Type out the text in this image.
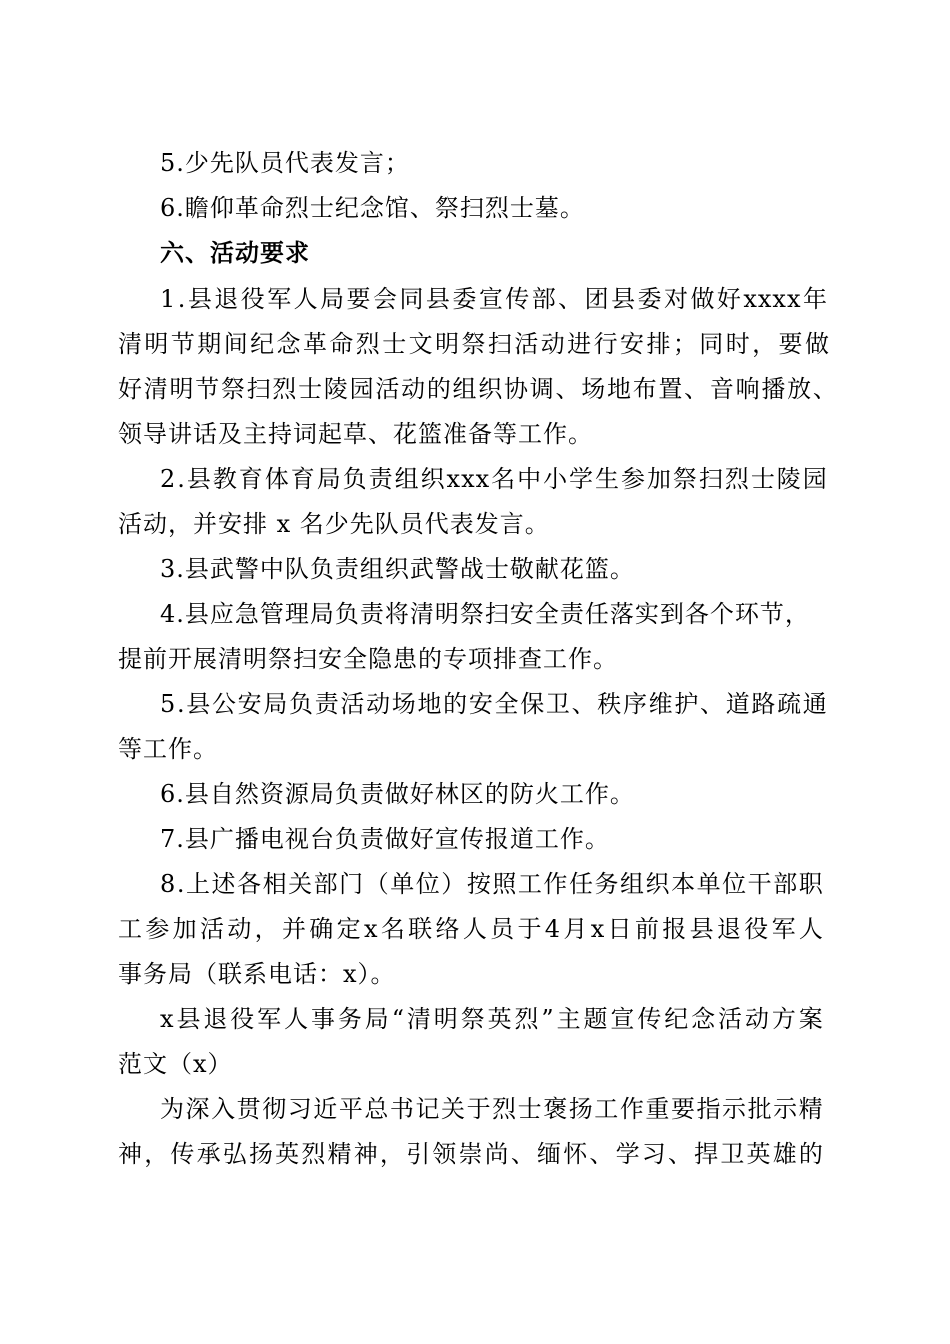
5.少先队员代表发言；
6.瞻仰革命烈士纪念馆、祭扫烈士墓。
六、活动要求
1 . 县 退 役 军 人 局 要 会 同 县 委 宣 传 部 、 团 县 委 对 做 好 xxxx 年
清 明 节 期 间 纪 念 革 命 烈 士 文 明 祭 扫 活 动 进 行 安 排 ； 同 时 ， 要 做
好 清 明 节 祭 扫 烈 士 陵 园 活 动 的 组 织 协 调 、 场 地 布 置 、 音 响 播 放 、
领导讲话及主持词起草、花篮准备等工作。
2 . 县 教 育 体 育 局 负 责 组 织 xxx 名 中 小 学 生 参 加 祭 扫 烈 士 陵 园
活动，并安排 x 名少先队员代表发言。
3.县武警中队负责组织武警战士敬献花篮。
4 . 县 应 急 管 理 局 负 责 将 清 明 祭 扫 安 全 责 任 落 实 到 各 个 环 节 ，
提前开展清明祭扫安全隐患的专项排查工作。
5 . 县 公 安 局 负 责 活 动 场 地 的 安 全 保 卫 、 秩 序 维 护 、 道 路 疏 通
等工作。
6.县自然资源局负责做好林区的防火工作。
7.县广播电视台负责做好宣传报道工作。
8 . 上 述 各 相 关 部 门 （ 单 位 ） 按 照 工 作 任 务 组 织 本 单 位 干 部 职
工 参 加 活 动 ， 并 确 定 x 名 联 络 人 员 于 4 月 x 日 前 报 县 退 役 军 人
事务局（联系电话：x）。
x 县 退 役 军 人 事 务 局 “ 清 明 祭 英 烈 ” 主 题 宣 传 纪 念 活 动 方 案
范文（x）
为 深 入 贯 彻 习 近 平 总 书 记 关 于 烈 士 褒 扬 工 作 重 要 指 示 批 示 精
神 ， 传 承 弘 扬 英 烈 精 神 ， 引 领 崇 尚 、 缅 怀 、 学 习 、 捍 卫 英 雄 的
